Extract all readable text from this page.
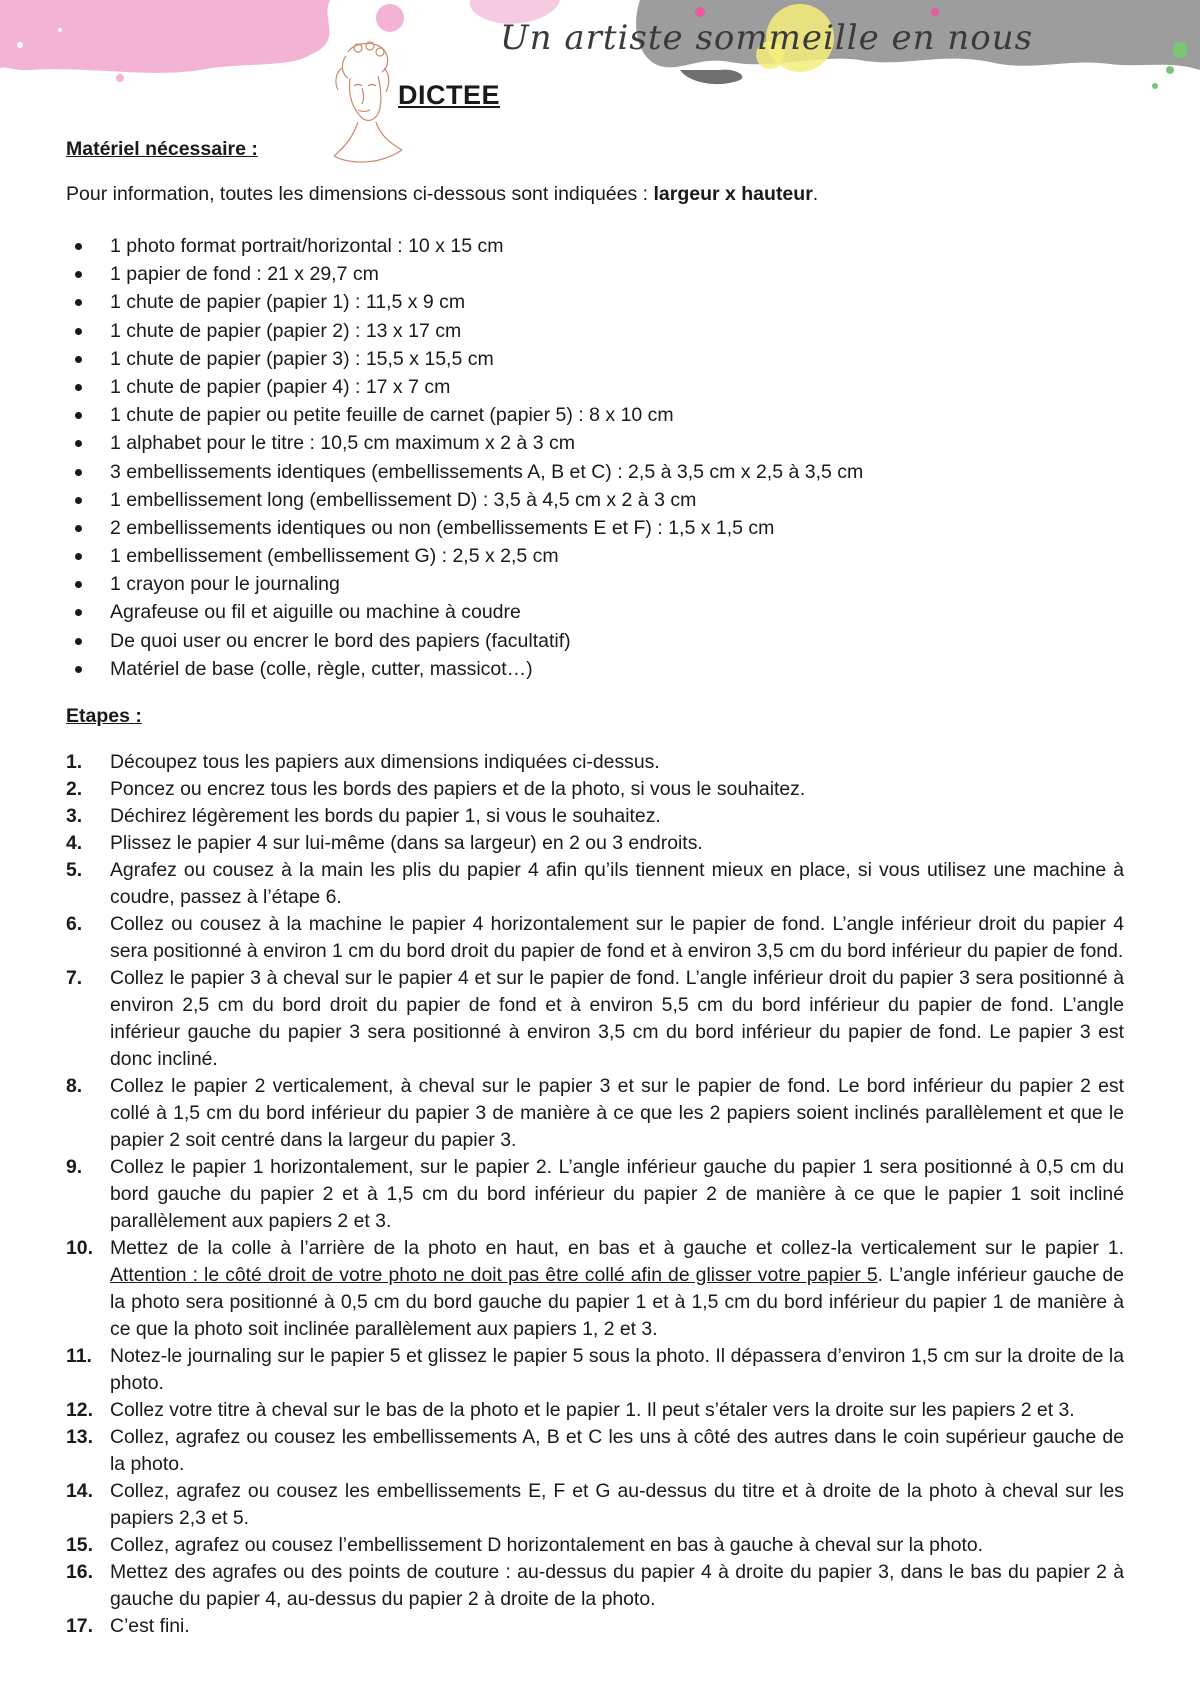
Un artiste sommeille en nous
DICTEE
Matériel nécessaire :
Pour information, toutes les dimensions ci-dessous sont indiquées : largeur x hauteur.
1 photo format portrait/horizontal : 10 x 15 cm
1 papier de fond : 21 x 29,7 cm
1 chute de papier (papier 1) : 11,5 x 9 cm
1 chute de papier (papier 2) : 13 x 17 cm
1 chute de papier (papier 3) : 15,5 x 15,5 cm
1 chute de papier (papier 4) : 17 x 7 cm
1 chute de papier ou petite feuille de carnet (papier 5) : 8 x 10 cm
1 alphabet pour le titre : 10,5 cm maximum x 2 à 3 cm
3 embellissements identiques (embellissements A, B et C) : 2,5 à 3,5 cm x 2,5 à 3,5 cm
1 embellissement long (embellissement D) : 3,5 à 4,5 cm x 2 à 3 cm
2 embellissements identiques ou non (embellissements E et F) : 1,5 x 1,5 cm
1 embellissement (embellissement G) : 2,5 x 2,5 cm
1 crayon pour le journaling
Agrafeuse ou fil et aiguille ou machine à coudre
De quoi user ou encrer le bord des papiers (facultatif)
Matériel de base (colle, règle, cutter, massicot…)
Etapes :
1.	Découpez tous les papiers aux dimensions indiquées ci-dessus.
2.	Poncez ou encrez tous les bords des papiers et de la photo, si vous le souhaitez.
3.	Déchirez légèrement les bords du papier 1, si vous le souhaitez.
4.	Plissez le papier 4 sur lui-même (dans sa largeur) en 2 ou 3 endroits.
5.	Agrafez ou cousez à la main les plis du papier 4 afin qu’ils tiennent mieux en place, si vous utilisez une machine à coudre, passez à l’étape 6.
6.	Collez ou cousez à la machine le papier 4 horizontalement sur le papier de fond. L’angle inférieur droit du papier 4 sera positionné à environ 1 cm du bord droit du papier de fond et à environ 3,5 cm du bord inférieur du papier de fond.
7.	Collez le papier 3 à cheval sur le papier 4 et sur le papier de fond. L’angle inférieur droit du papier 3 sera positionné à environ 2,5 cm du bord droit du papier de fond et à environ 5,5 cm du bord inférieur du papier de fond. L’angle inférieur gauche du papier 3 sera positionné à environ 3,5 cm du bord inférieur du papier de fond. Le papier 3 est donc incliné.
8.	Collez le papier 2 verticalement, à cheval sur le papier 3 et sur le papier de fond. Le bord inférieur du papier 2 est collé à 1,5 cm du bord inférieur du papier 3 de manière à ce que les 2 papiers soient inclinés parallèlement et que le papier 2 soit centré dans la largeur du papier 3.
9.	Collez le papier 1 horizontalement, sur le papier 2. L’angle inférieur gauche du papier 1 sera positionné à 0,5 cm du bord gauche du papier 2 et à 1,5 cm du bord inférieur du papier 2 de manière à ce que le papier 1 soit incliné parallèlement aux papiers 2 et 3.
10. Mettez de la colle à l’arrière de la photo en haut, en bas et à gauche et collez-la verticalement sur le papier 1. Attention : le côté droit de votre photo ne doit pas être collé afin de glisser votre papier 5. L’angle inférieur gauche de la photo sera positionné à 0,5 cm du bord gauche du papier 1 et à 1,5 cm du bord inférieur du papier 1 de manière à ce que la photo soit inclinée parallèlement aux papiers 1, 2 et 3.
11. Notez-le journaling sur le papier 5 et glissez le papier 5 sous la photo. Il dépassera d’environ 1,5 cm sur la droite de la photo.
12. Collez votre titre à cheval sur le bas de la photo et le papier 1. Il peut s’étaler vers la droite sur les papiers 2 et 3.
13. Collez, agrafez ou cousez les embellissements A, B et C les uns à côté des autres dans le coin supérieur gauche de la photo.
14. Collez, agrafez ou cousez les embellissements E, F et G au-dessus du titre et à droite de la photo à cheval sur les papiers 2,3 et 5.
15. Collez, agrafez ou cousez l’embellissement D horizontalement en bas à gauche à cheval sur la photo.
16. Mettez des agrafes ou des points de couture : au-dessus du papier 4 à droite du papier 3, dans le bas du papier 2 à gauche du papier 4, au-dessus du papier 2 à droite de la photo.
17. C’est fini.
